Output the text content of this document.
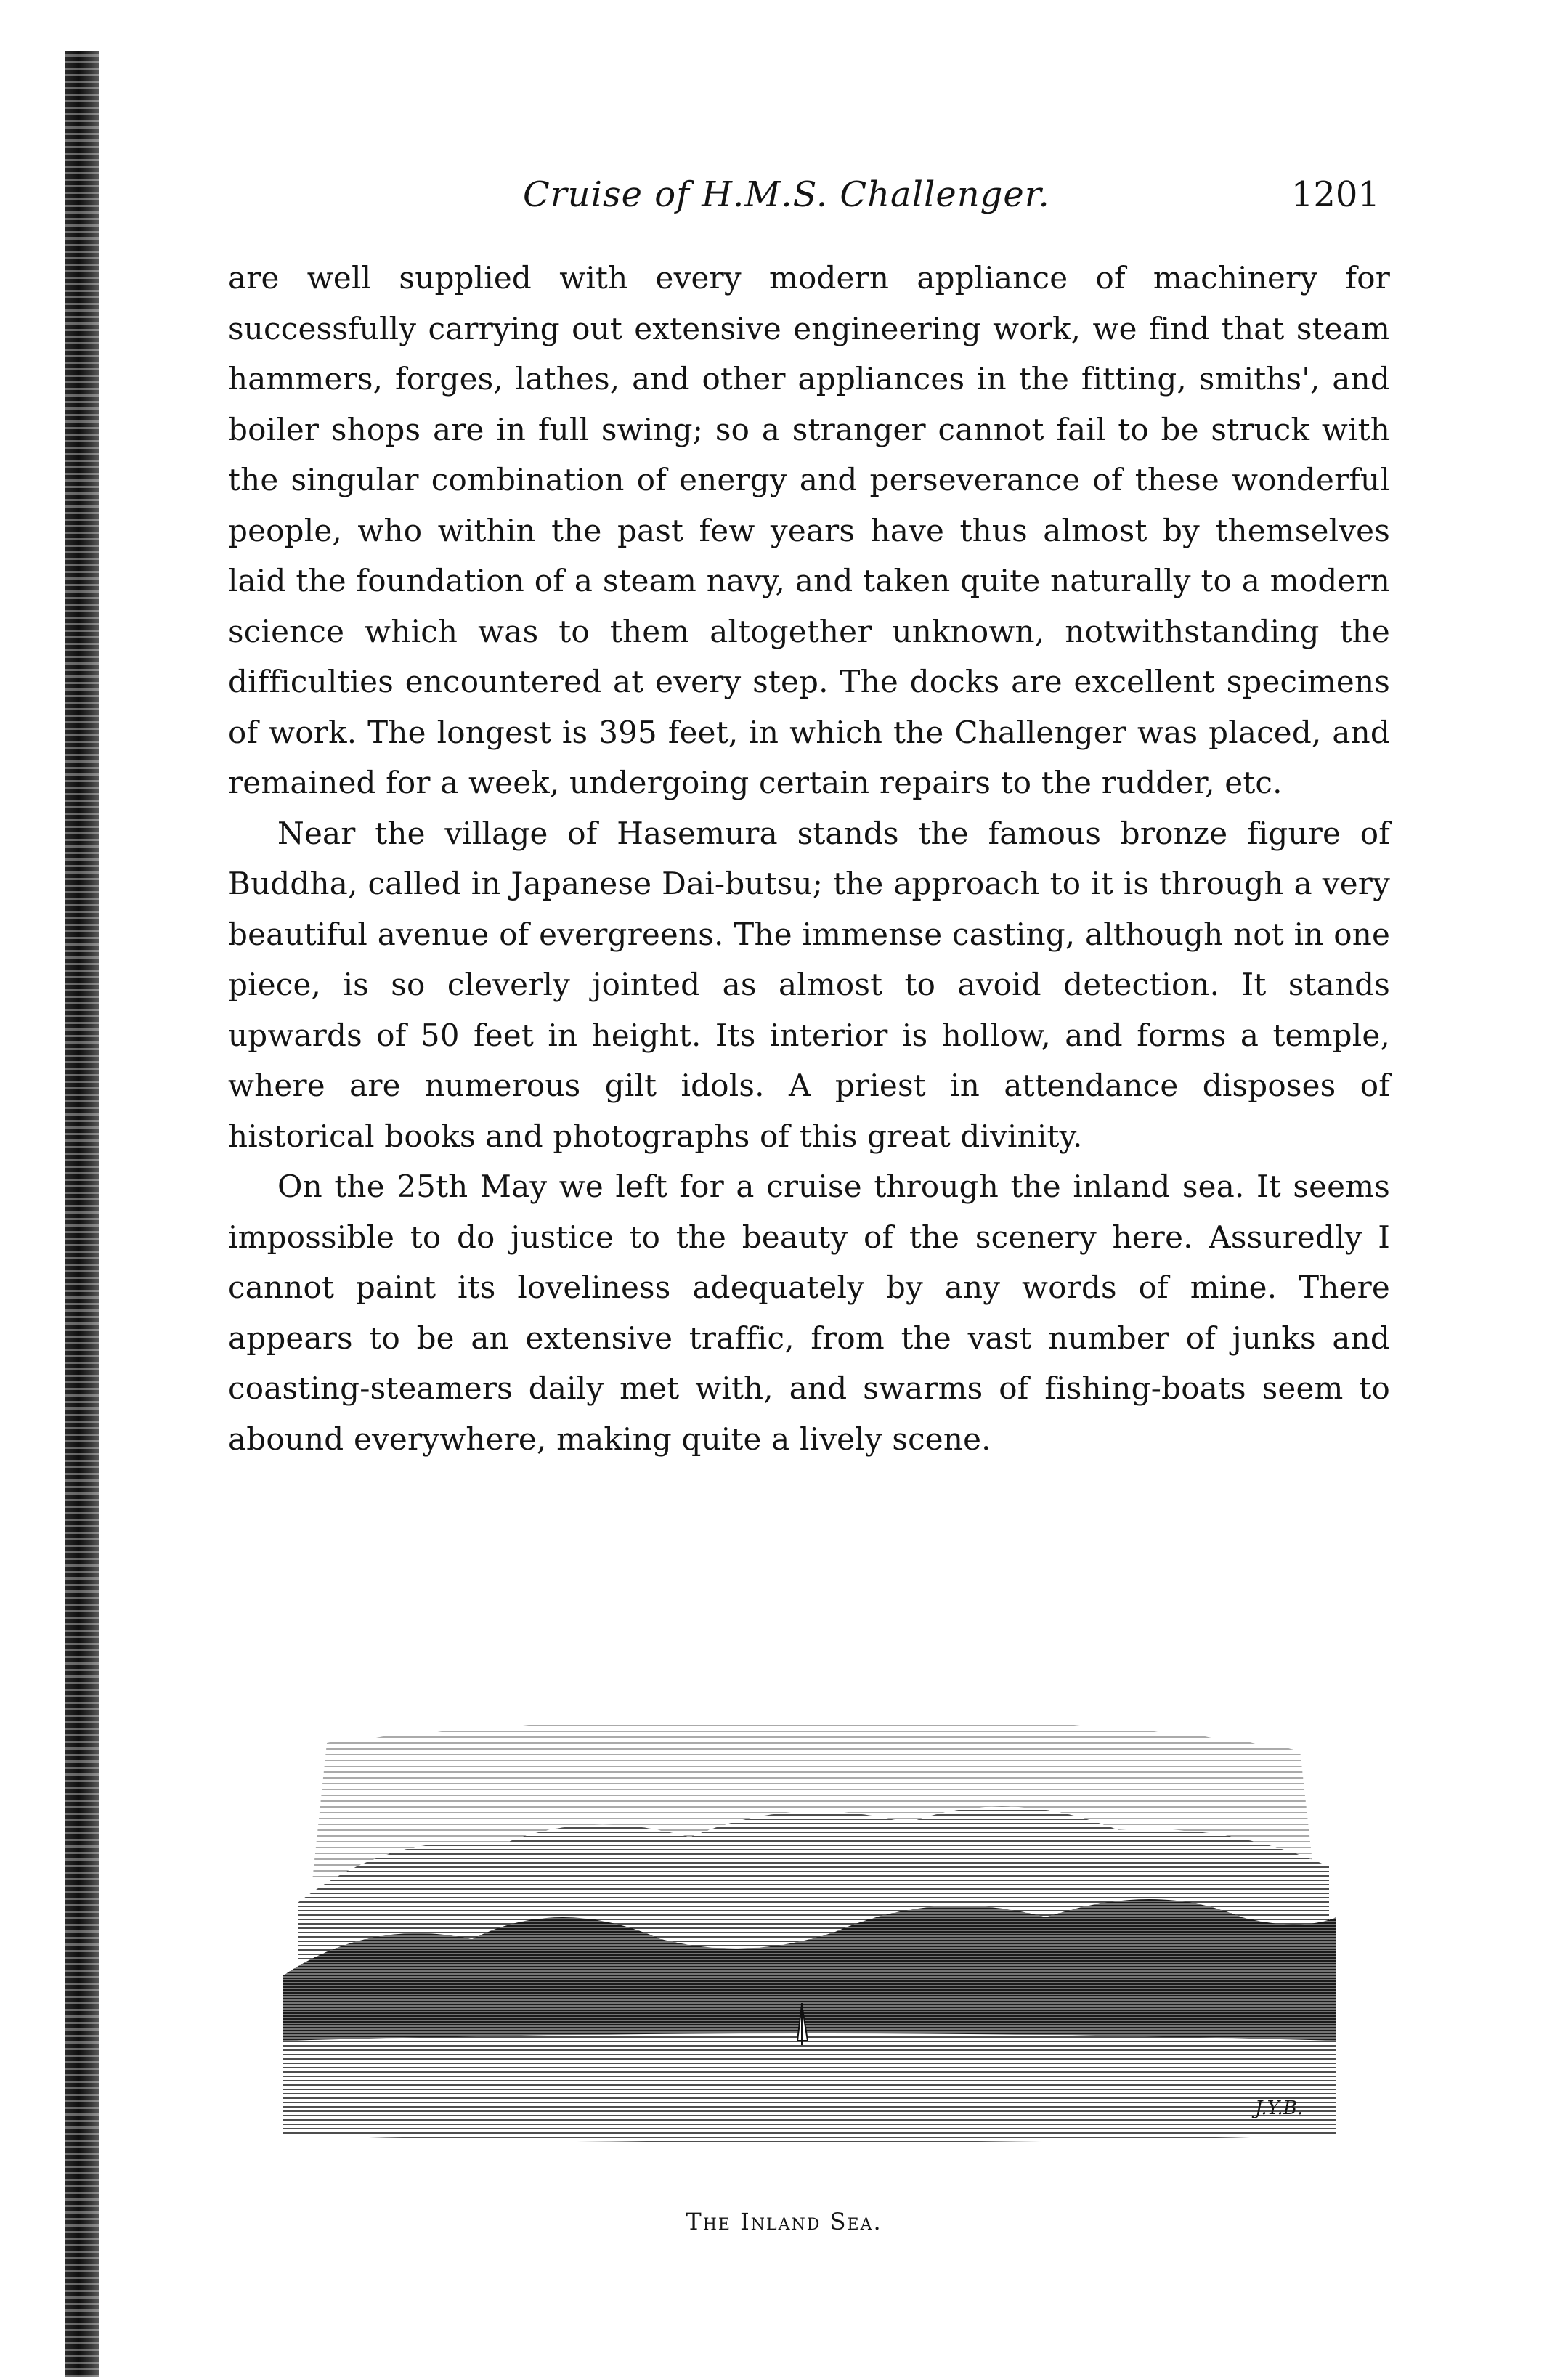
Cruise of H.M.S. Challenger.	1201

are well supplied with every modern appliance of machinery for successfully carrying out extensive engineering work, we find that steam hammers, forges, lathes, and other appliances in the fitting, smiths', and boiler shops are in full swing; so a stranger cannot fail to be struck with the singular combination of energy and perseverance of these wonderful people, who within the past few years have thus almost by themselves laid the foundation of a steam navy, and taken quite naturally to a modern science which was to them altogether unknown, notwithstanding the difficulties encountered at every step. The docks are excellent specimens of work. The longest is 395 feet, in which the Challenger was placed, and remained for a week, undergoing certain repairs to the rudder, etc.

Near the village of Hasemura stands the famous bronze figure of Buddha, called in Japanese Dai-butsu; the approach to it is through a very beautiful avenue of evergreens. The immense casting, although not in one piece, is so cleverly jointed as almost to avoid detection. It stands upwards of 50 feet in height. Its interior is hollow, and forms a temple, where are numerous gilt idols. A priest in attendance disposes of historical books and photographs of this great divinity.

On the 25th May we left for a cruise through the inland sea. It seems impossible to do justice to the beauty of the scenery here. Assuredly I cannot paint its loveliness adequately by any words of mine. There appears to be an extensive traffic, from the vast number of junks and coasting-steamers daily met with, and swarms of fishing-boats seem to abound everywhere, making quite a lively scene.

J.Y.B.
The Inland Sea.
